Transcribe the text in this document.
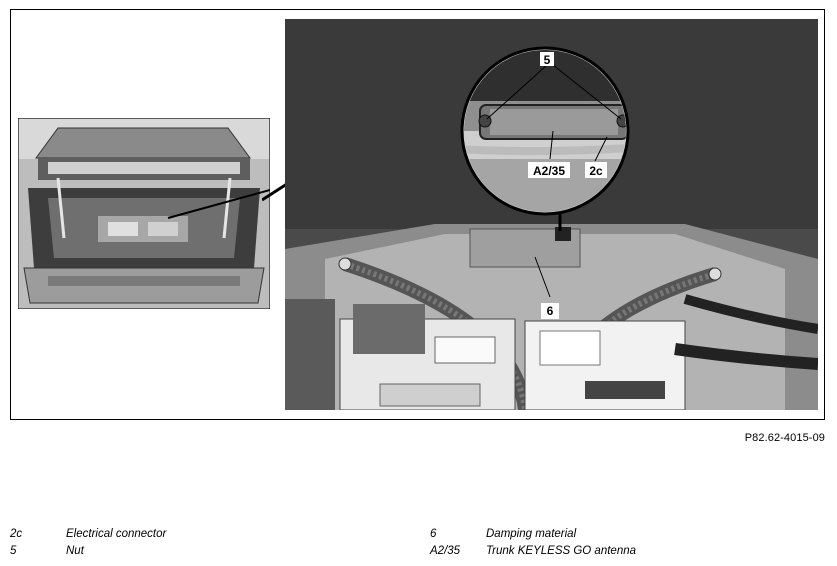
5
A2/35 2c
6
P82.62-4015-09
2c	Electrical connector
5	Nut
6	Damping material
A2/35 Trunk KEYLESS GO antenna
